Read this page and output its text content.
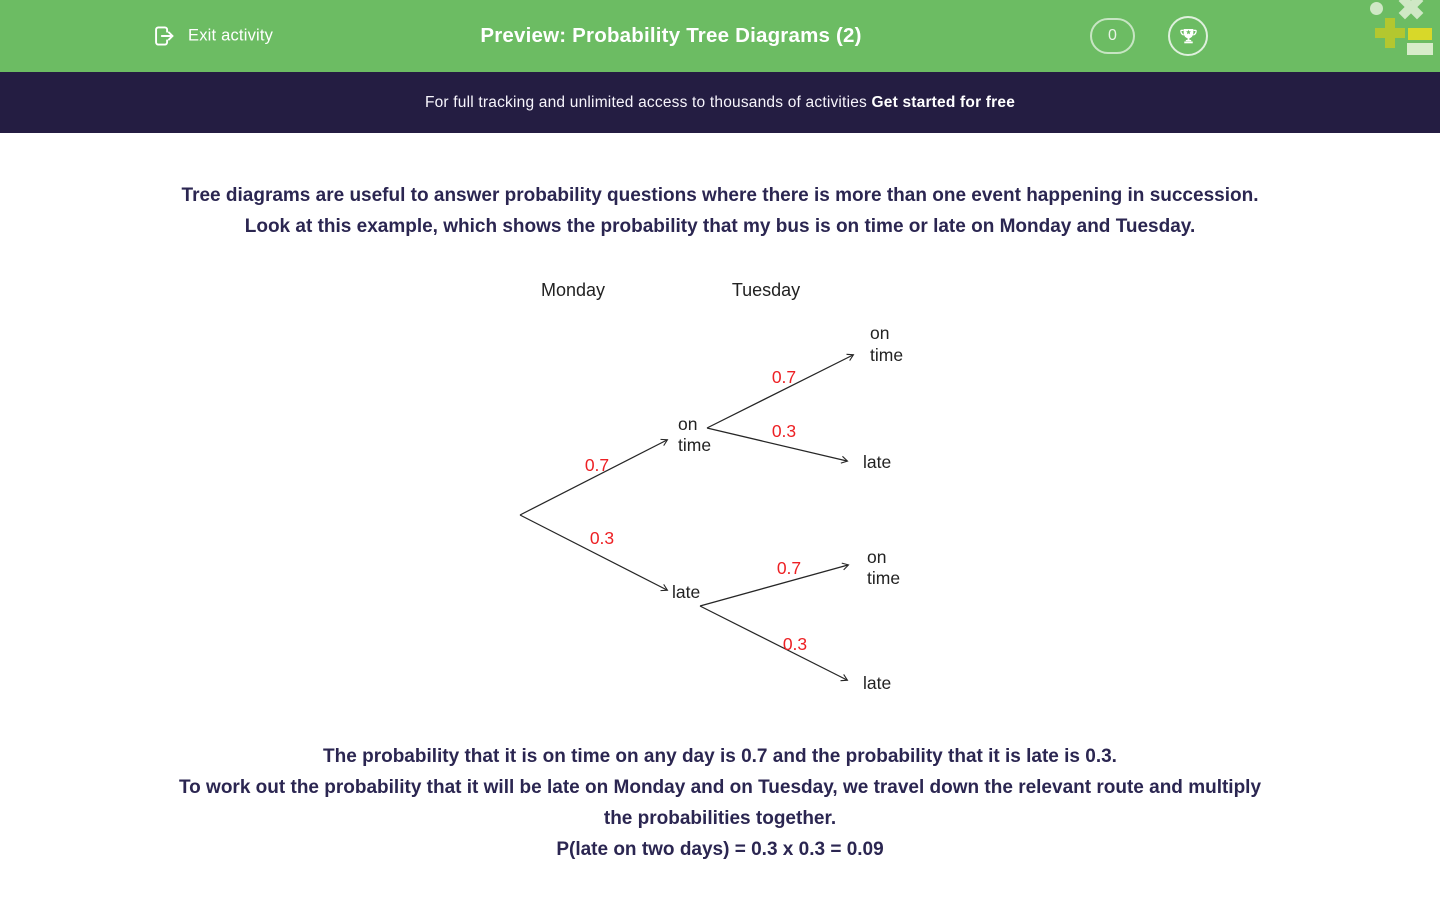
Exit activity	Preview: Probability Tree Diagrams (2)	0

For full tracking and unlimited access to thousands of activities Get started for free

Tree diagrams are useful to answer probability questions where there is more than one event happening in succession.

Look at this example, which shows the probability that my bus is on time or late on Monday and Tuesday.

Monday	Tuesday
0.7
0.3
on
time
late
0.7
0.3
on
time
late
0.7
0.3
on
time
late

The probability that it is on time on any day is 0.7 and the probability that it is late is 0.3.

To work out the probability that it will be late on Monday and on Tuesday, we travel down the relevant route and multiply the probabilities together.

P(late on two days) = 0.3 x 0.3 = 0.09
